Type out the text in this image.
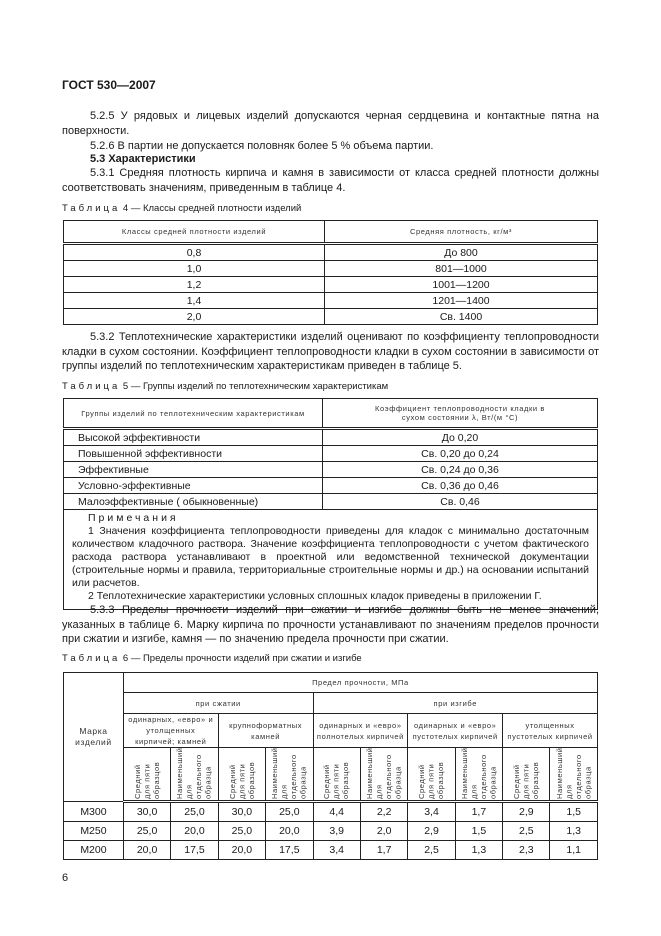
ГОСТ 530—2007
5.2.5 У рядовых и лицевых изделий допускаются черная сердцевина и контактные пятна на поверхности.
5.2.6 В партии не допускается половняк более 5 % объема партии.
5.3 Характеристики
5.3.1 Средняя плотность кирпича и камня в зависимости от класса средней плотности должны соответствовать значениям, приведенным в таблице 4.
Таблица 4 — Классы средней плотности изделий
Классы средней плотности изделий	Средняя плотность, кг/м³
0,8	До 800
1,0	801—1000
1,2	1001—1200
1,4	1201—1400
2,0	Св. 1400
5.3.2 Теплотехнические характеристики изделий оценивают по коэффициенту теплопроводности кладки в сухом состоянии. Коэффициент теплопроводности кладки в сухом состоянии в зависимости от группы изделий по теплотехническим характеристикам приведен в таблице 5.
Таблица 5 — Группы изделий по теплотехническим характеристикам
Группы изделий по теплотехническим характеристикам	Коэффициент теплопроводности кладки в сухом состоянии λ, Вт/(м °С)
Высокой эффективности	До 0,20
Повышенной эффективности	Св. 0,20 до 0,24
Эффективные	Св. 0,24 до 0,36
Условно-эффективные	Св. 0,36 до 0,46
Малоэффективные ( обыкновенные)	Св. 0,46

Примечания
1 Значения коэффициента теплопроводности приведены для кладок с минимально достаточным количеством кладочного раствора. Значение коэффициента теплопроводности с учетом фактического расхода раствора устанавливают в проектной или ведомственной технической документации (строительные нормы и правила, территориальные строительные нормы и др.) на основании испытаний или расчетов.
2 Теплотехнические характеристики условных сплошных кладок приведены в приложении Г.	
5.3.3 Пределы прочности изделий при сжатии и изгибе должны быть не менее значений, указанных в таблице 6. Марку кирпича по прочности устанавливают по значениям пределов прочности при сжатии и изгибе, камня — по значению предела прочности при сжатии.
Таблица 6 — Пределы прочности изделий при сжатии и изгибе
Марка изделий	Предел прочности, МПа									
	при сжатии				при изгибе					
	одинарных, «евро» и утолщенных кирпичей; камней		крупноформатных камней		одинарных и «евро» полнотелых кирпичей		одинарных и «евро» пустотелых кирпичей		утолщенных пустотелых кирпичей	

	Средний для пяти образцов	Наименьший для отдельного образца	Средний для пяти образцов	Наименьший для отдельного образца	Средний для пяти образцов	Наименьший для отдельного образца	Средний для пяти образцов	Наименьший для отдельного образца	Средний для пяти образцов	Наименьший для отдельного образца

М300	30,0	25,0	30,0	25,0	4,4	2,2	3,4	1,7	2,9	1,5
М250	25,0	20,0	25,0	20,0	3,9	2,0	2,9	1,5	2,5	1,3
М200	20,0	17,5	20,0	17,5	3,4	1,7	2,5	1,3	2,3	1,1
6
